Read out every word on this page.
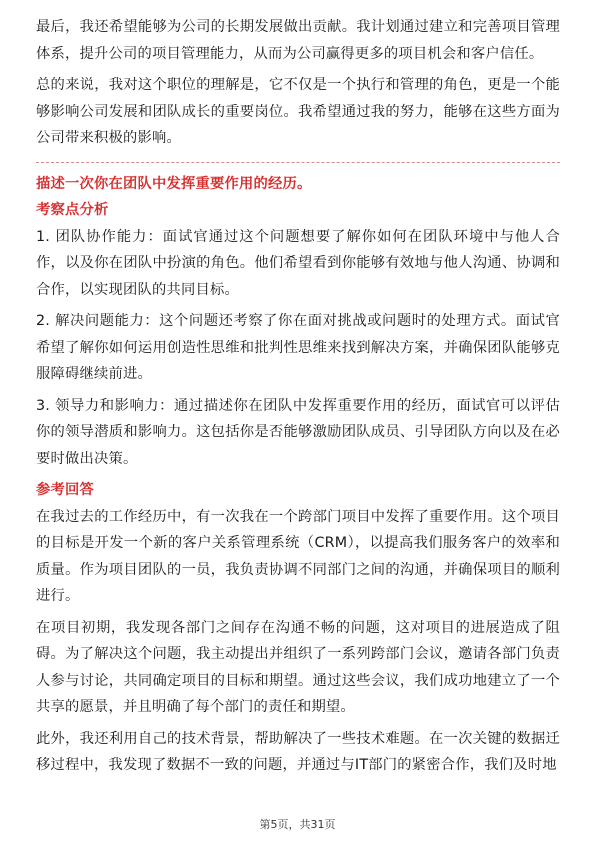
最后，我还希望能够为公司的长期发展做出贡献。我计划通过建立和完善项目管理体系，提升公司的项目管理能力，从而为公司赢得更多的项目机会和客户信任。

总的来说，我对这个职位的理解是，它不仅是一个执行和管理的角色，更是一个能够影响公司发展和团队成长的重要岗位。我希望通过我的努力，能够在这些方面为公司带来积极的影响。

描述一次你在团队中发挥重要作用的经历。
考察点分析

1. 团队协作能力：面试官通过这个问题想要了解你如何在团队环境中与他人合作，以及你在团队中扮演的角色。他们希望看到你能够有效地与他人沟通、协调和合作，以实现团队的共同目标。

2. 解决问题能力：这个问题还考察了你在面对挑战或问题时的处理方式。面试官希望了解你如何运用创造性思维和批判性思维来找到解决方案，并确保团队能够克服障碍继续前进。

3. 领导力和影响力：通过描述你在团队中发挥重要作用的经历，面试官可以评估你的领导潜质和影响力。这包括你是否能够激励团队成员、引导团队方向以及在必要时做出决策。

参考回答

在我过去的工作经历中，有一次我在一个跨部门项目中发挥了重要作用。这个项目的目标是开发一个新的客户关系管理系统（CRM），以提高我们服务客户的效率和质量。作为项目团队的一员，我负责协调不同部门之间的沟通，并确保项目的顺利进行。

在项目初期，我发现各部门之间存在沟通不畅的问题，这对项目的进展造成了阻碍。为了解决这个问题，我主动提出并组织了一系列跨部门会议，邀请各部门负责人参与讨论，共同确定项目的目标和期望。通过这些会议，我们成功地建立了一个共享的愿景，并且明确了每个部门的责任和期望。

此外，我还利用自己的技术背景，帮助解决了一些技术难题。在一次关键的数据迁移过程中，我发现了数据不一致的问题，并通过与IT部门的紧密合作，我们及时地

第5页，共31页
